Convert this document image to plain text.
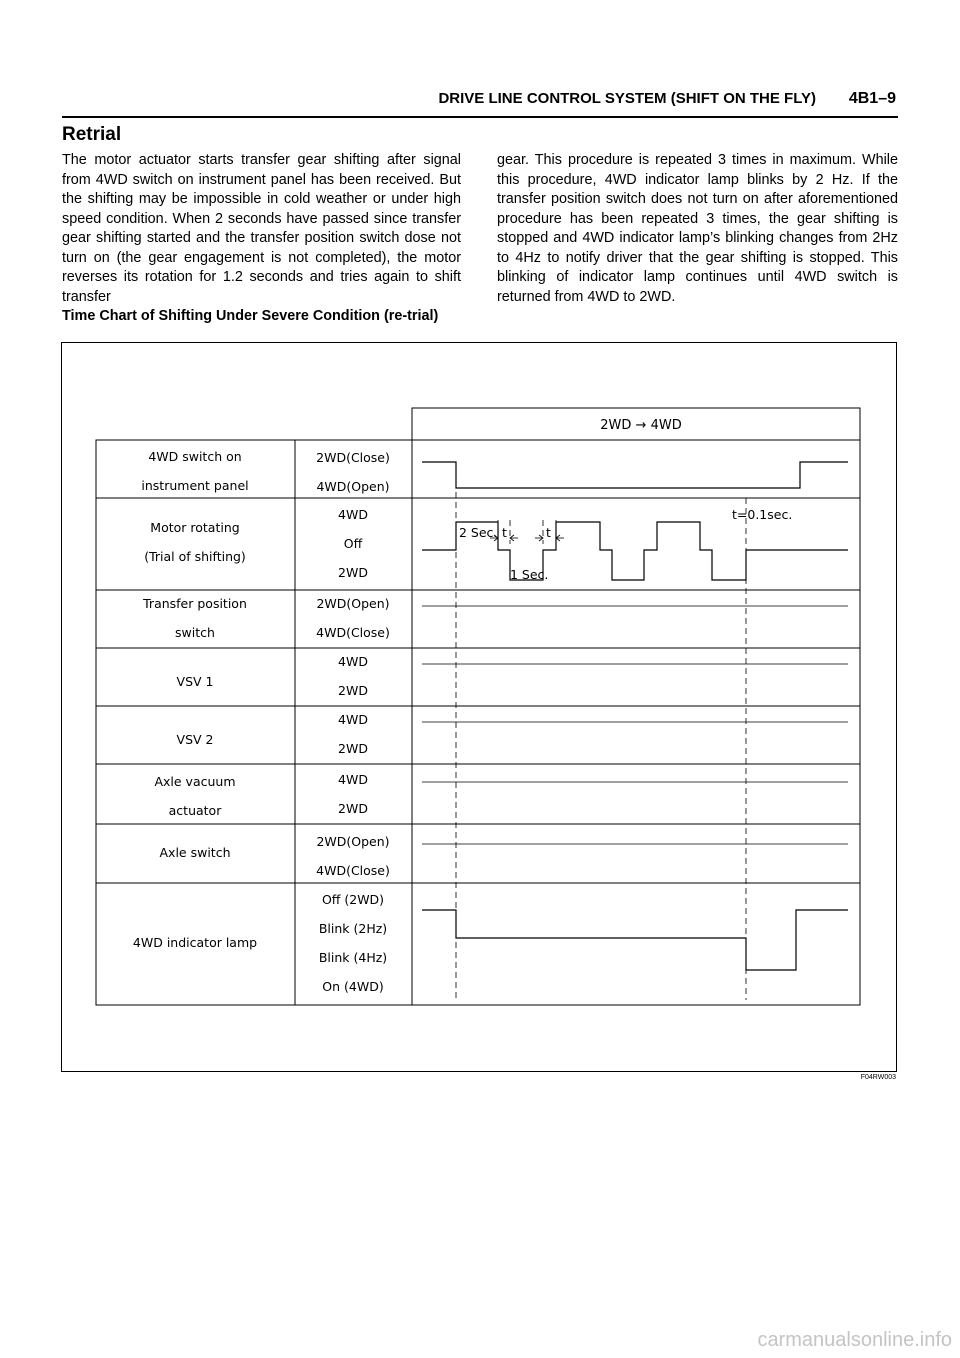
DRIVE LINE CONTROL SYSTEM (SHIFT ON THE FLY) 4B1–9
Retrial
The motor actuator starts transfer gear shifting after signal from 4WD switch on instrument panel has been received. But the shifting may be impossible in cold weather or under high speed condition. When 2 seconds have passed since transfer gear shifting started and the transfer position switch dose not turn on (the gear engagement is not completed), the motor reverses its rotation for 1.2 seconds and tries again to shift transfer
gear. This procedure is repeated 3 times in maximum. While this procedure, 4WD indicator lamp blinks by 2 Hz. If the transfer position switch does not turn on after aforementioned procedure has been repeated 3 times, the gear shifting is stopped and 4WD indicator lamp’s blinking changes from 2Hz to 4Hz to notify driver that the gear shifting is stopped. This blinking of indicator lamp continues until 4WD switch is returned from 4WD to 2WD.
Time Chart of Shifting Under Severe Condition (re-trial)
2WD → 4WD
t=0.1sec.
2 Sec.
1 Sec.
t	t
4WD switch on
instrument panel
Motor rotating
(Trial of shifting)
Transfer position
switch
VSV 1
VSV 2
Axle vacuum
actuator
Axle switch
4WD indicator lamp
2WD(Close)
4WD(Open)
4WD
Off
2WD
2WD(Open)
4WD(Close)
4WD
2WD
4WD
2WD
4WD
2WD
2WD(Open)
4WD(Close)
Off (2WD)
Blink (2Hz)
Blink (4Hz)
On (4WD)
F04RW003
carmanualsonline.info
